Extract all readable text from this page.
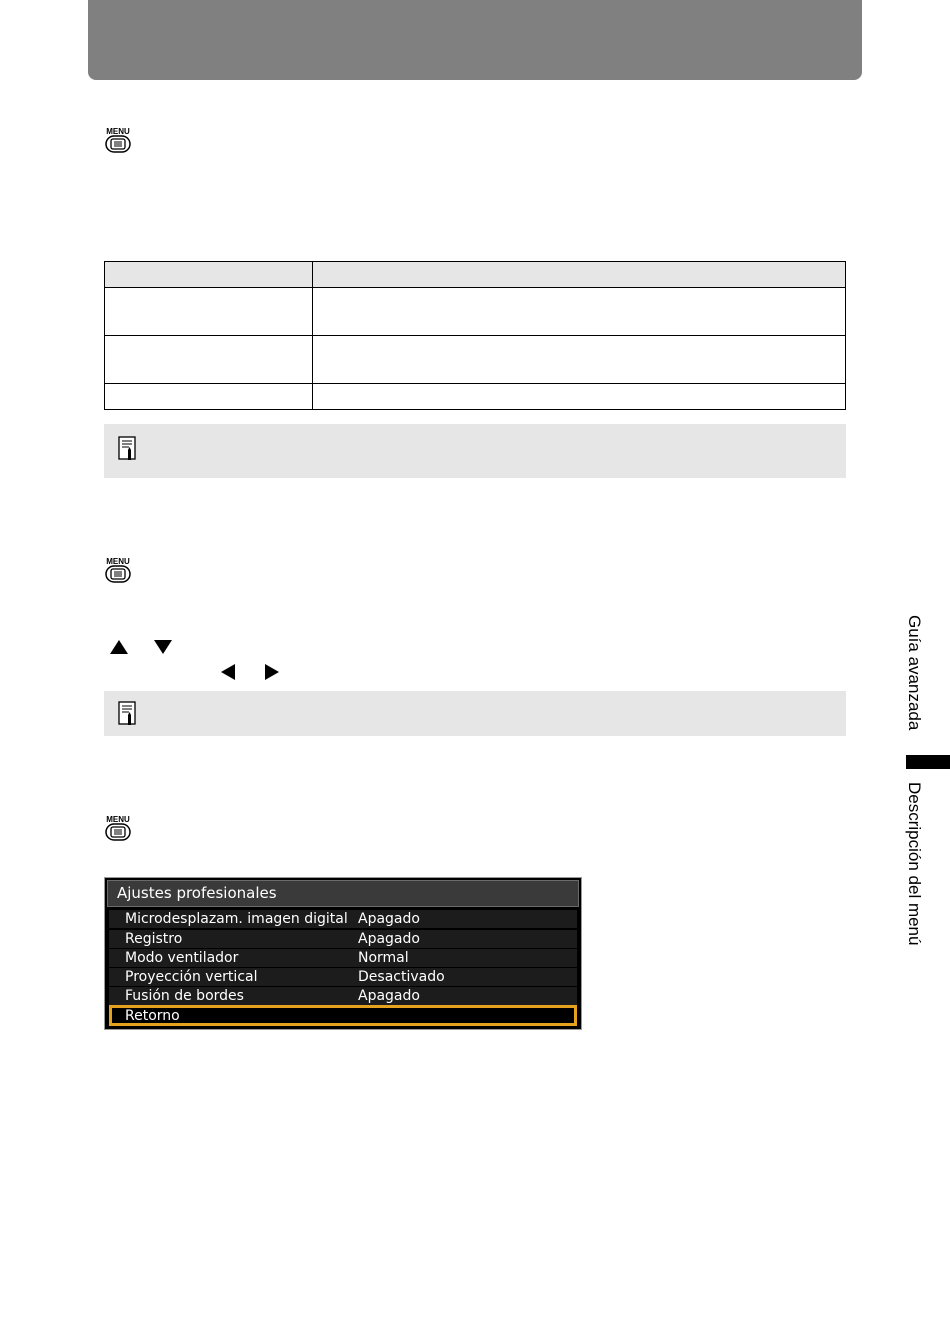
MENU

MENU
MENU
Ajustes profesionales
Microdesplazam. imagen digital Apagado
Registro	Apagado
Modo ventilador	Normal
Proyección vertical	Desactivado
Fusión de bordes	Apagado
Retorno
Guía avanzada
Descripción del menú
